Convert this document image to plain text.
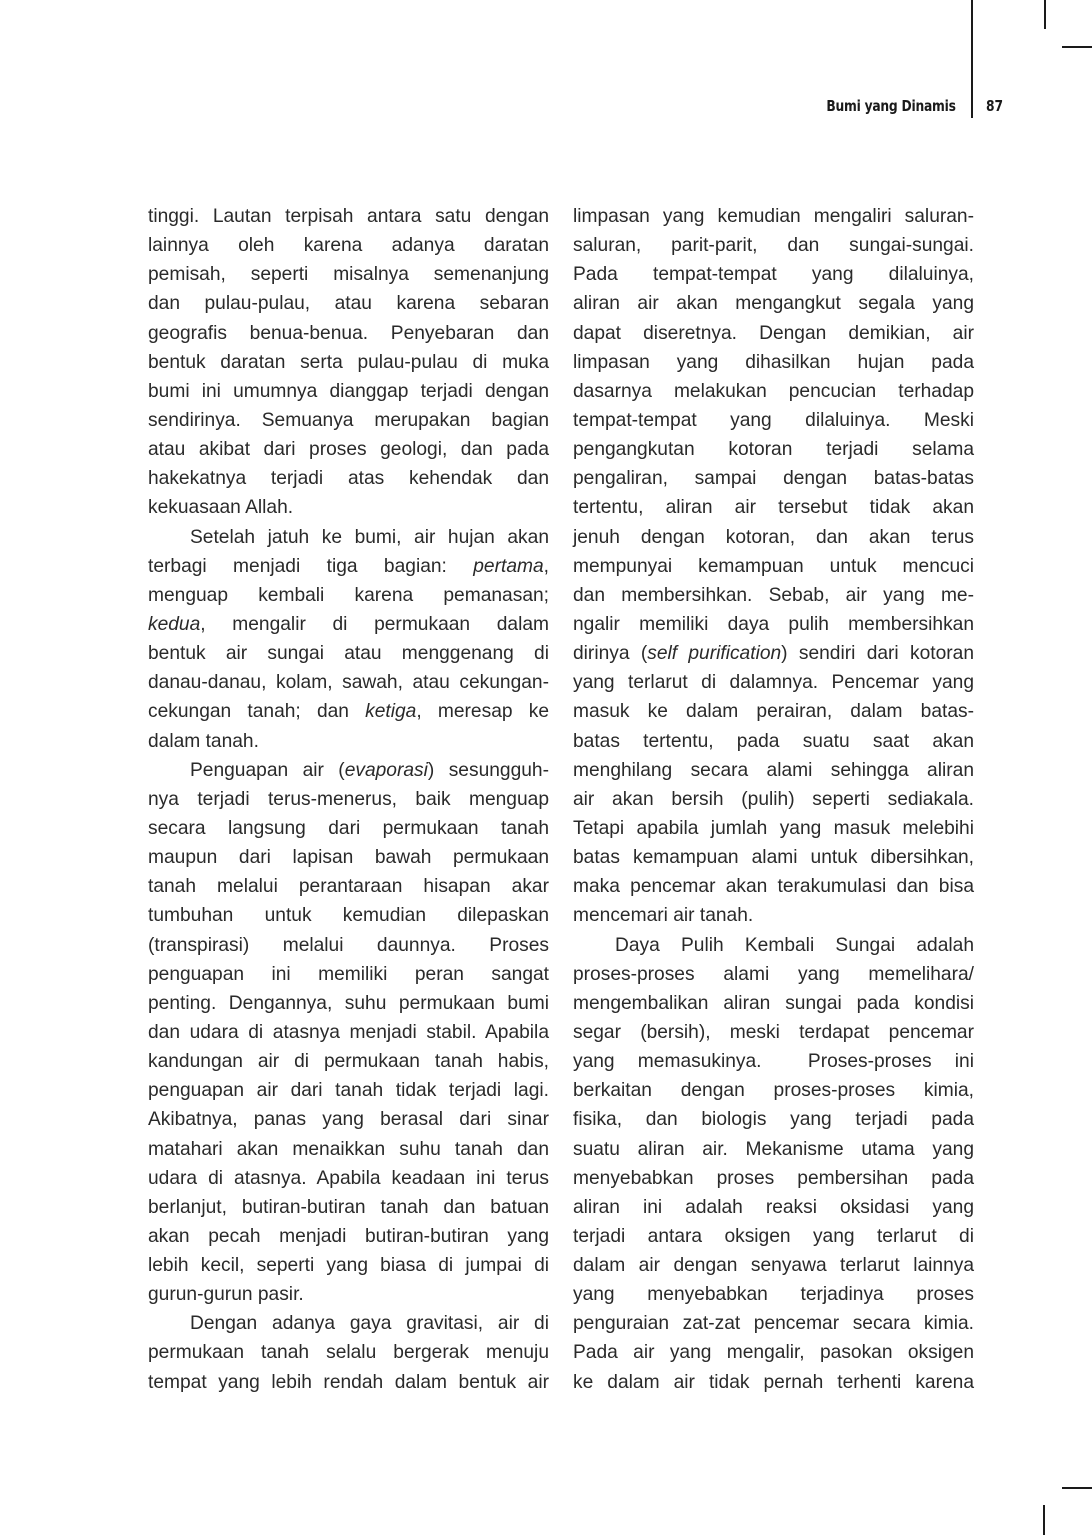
Bumi yang Dinamis 87
tinggi. Lautan terpisah antara satu dengan
lainnya oleh karena adanya daratan
pemisah, seperti misalnya semenanjung
dan pulau-pulau, atau karena sebaran
geografis benua-benua. Penyebaran dan
bentuk daratan serta pulau-pulau di muka
bumi ini umumnya dianggap terjadi dengan
sendirinya. Semuanya merupakan bagian
atau akibat dari proses geologi, dan pada
hakekatnya terjadi atas kehendak dan
kekuasaan Allah.
Setelah jatuh ke bumi, air hujan akan
terbagi menjadi tiga bagian: pertama,
menguap kembali karena pemanasan;
kedua, mengalir di permukaan dalam
bentuk air sungai atau menggenang di
danau-danau, kolam, sawah, atau cekungan-
cekungan tanah; dan ketiga, meresap ke
dalam tanah.
Penguapan air (evaporasi) sesungguh-
nya terjadi terus-menerus, baik menguap
secara langsung dari permukaan tanah
maupun dari lapisan bawah permukaan
tanah melalui perantaraan hisapan akar
tumbuhan untuk kemudian dilepaskan
(transpirasi) melalui daunnya. Proses
penguapan ini memiliki peran sangat
penting. Dengannya, suhu permukaan bumi
dan udara di atasnya menjadi stabil. Apabila
kandungan air di permukaan tanah habis,
penguapan air dari tanah tidak terjadi lagi.
Akibatnya, panas yang berasal dari sinar
matahari akan menaikkan suhu tanah dan
udara di atasnya. Apabila keadaan ini terus
berlanjut, butiran-butiran tanah dan batuan
akan pecah menjadi butiran-butiran yang
lebih kecil, seperti yang biasa di jumpai di
gurun-gurun pasir.
Dengan adanya gaya gravitasi, air di
permukaan tanah selalu bergerak menuju
tempat yang lebih rendah dalam bentuk air
limpasan yang kemudian mengaliri saluran-
saluran, parit-parit, dan sungai-sungai.
Pada tempat-tempat yang dilaluinya,
aliran air akan mengangkut segala yang
dapat diseretnya. Dengan demikian, air
limpasan yang dihasilkan hujan pada
dasarnya melakukan pencucian terhadap
tempat-tempat yang dilaluinya. Meski
pengangkutan kotoran terjadi selama
pengaliran, sampai dengan batas-batas
tertentu, aliran air tersebut tidak akan
jenuh dengan kotoran, dan akan terus
mempunyai kemampuan untuk mencuci
dan membersihkan. Sebab, air yang me-
ngalir memiliki daya pulih membersihkan
dirinya (self purification) sendiri dari kotoran
yang terlarut di dalamnya. Pencemar yang
masuk ke dalam perairan, dalam batas-
batas tertentu, pada suatu saat akan
menghilang secara alami sehingga aliran
air akan bersih (pulih) seperti sediakala.
Tetapi apabila jumlah yang masuk melebihi
batas kemampuan alami untuk dibersihkan,
maka pencemar akan terakumulasi dan bisa
mencemari air tanah.
Daya Pulih Kembali Sungai adalah
proses-proses alami yang memelihara/
mengembalikan aliran sungai pada kondisi
segar (bersih), meski terdapat pencemar
yang memasukinya.  Proses-proses ini
berkaitan dengan proses-proses kimia,
fisika, dan biologis yang terjadi pada
suatu aliran air. Mekanisme utama yang
menyebabkan proses pembersihan pada
aliran ini adalah reaksi oksidasi yang
terjadi antara oksigen yang terlarut di
dalam air dengan senyawa terlarut lainnya
yang menyebabkan terjadinya proses
penguraian zat-zat pencemar secara kimia.
Pada air yang mengalir, pasokan oksigen
ke dalam air tidak pernah terhenti karena
